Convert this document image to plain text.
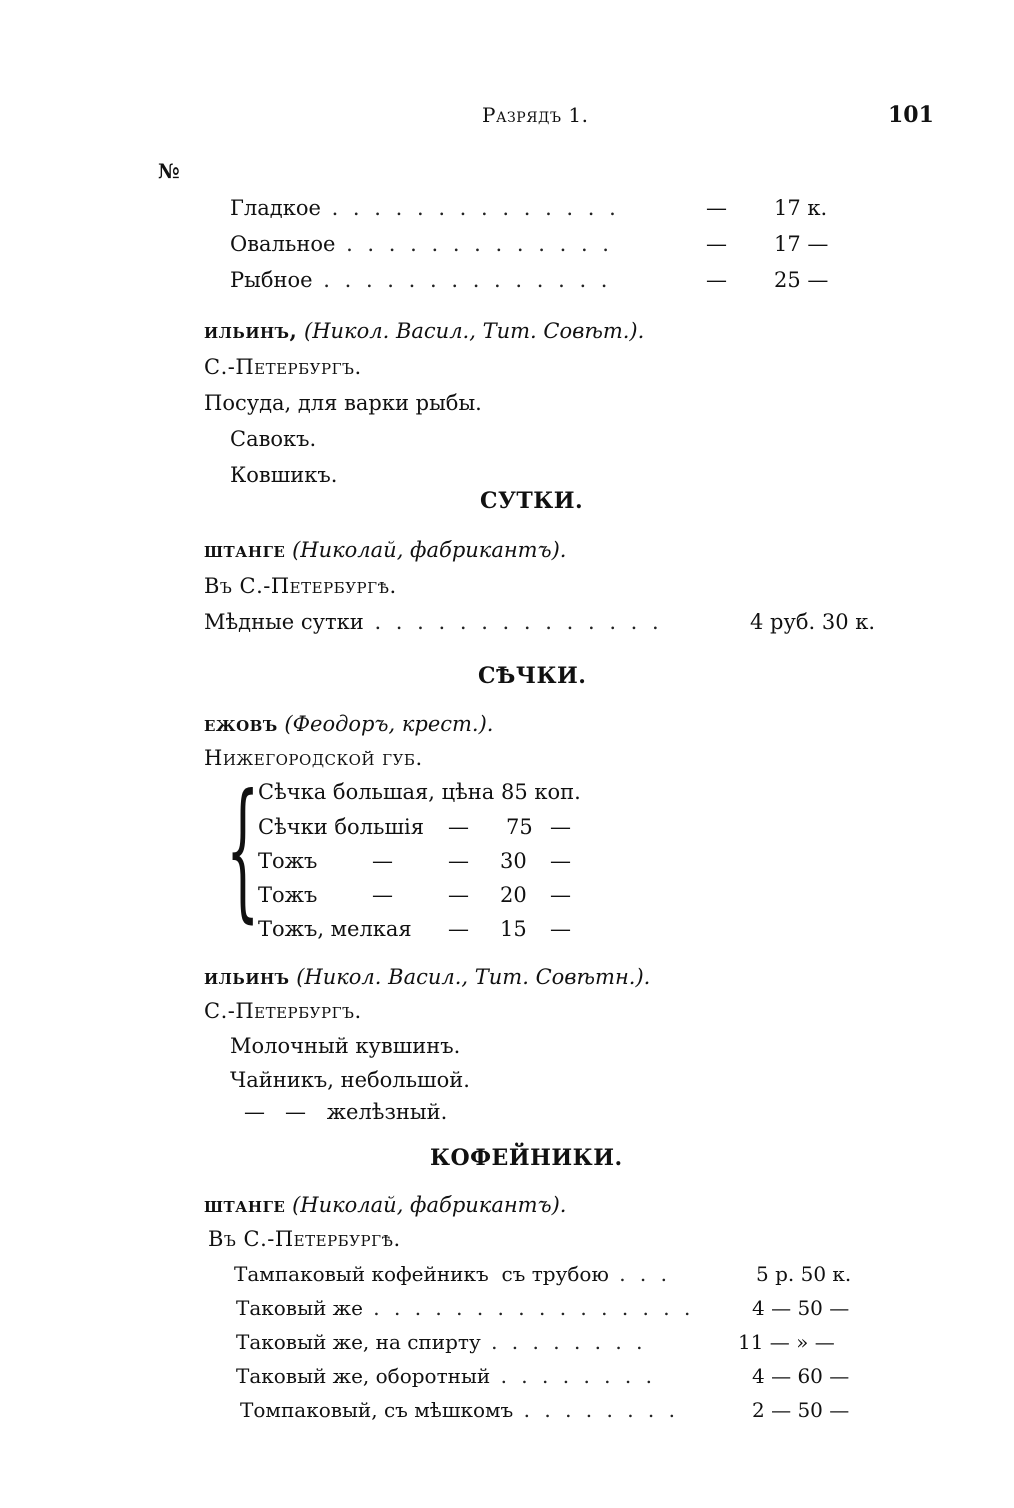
Разрядъ 1.	101
№
Гладкое . . . . . . . . . . . . . .	— 17 к.
Овальное . . . . . . . . . . . . .	— 17 —
Рыбное . . . . . . . . . . . . . .	— 25 —
ильинъ, (Никол. Васил., Тит. Совѣт.).
С.-Петербургъ.
Посуда, для варки рыбы.
Савокъ.
Ковшикъ.
СУТКИ.
штанге (Николай, фабрикантъ).
Въ С.-Петербургѣ.
Мѣдные сутки . . . . . . . . . . . . . .	4 руб. 30 к.
СѢЧКИ.
ежовъ (Феодоръ, крест.).
Нижегородской губ.
{
Сѣчка большая, цѣна 85 коп.
Сѣчки большія — 75 —
Тожъ	—	— 30 —
Тожъ	—	— 20 —
Тожъ, мелкая — 15 —
ильинъ (Никол. Васил., Тит. Совѣтн.).
С.-Петербургъ.
Молочный кувшинъ.
Чайникъ, небольшой.
—   — желѣзный.
КОФЕЙНИКИ.
штанге (Николай, фабрикантъ).
Въ С.-Петербургѣ.
Тампаковый кофейникъ  съ трубою . . .	5 р. 50 к.
Таковый же . . . . . . . . . . . . . . . .	4 — 50 —
Таковый же, на спирту . . . . . . . .	11 — » —
Таковый же, оборотный . . . . . . . .	4 — 60 —
Томпаковый, съ мѣшкомъ . . . . . . . .	2 — 50 —
